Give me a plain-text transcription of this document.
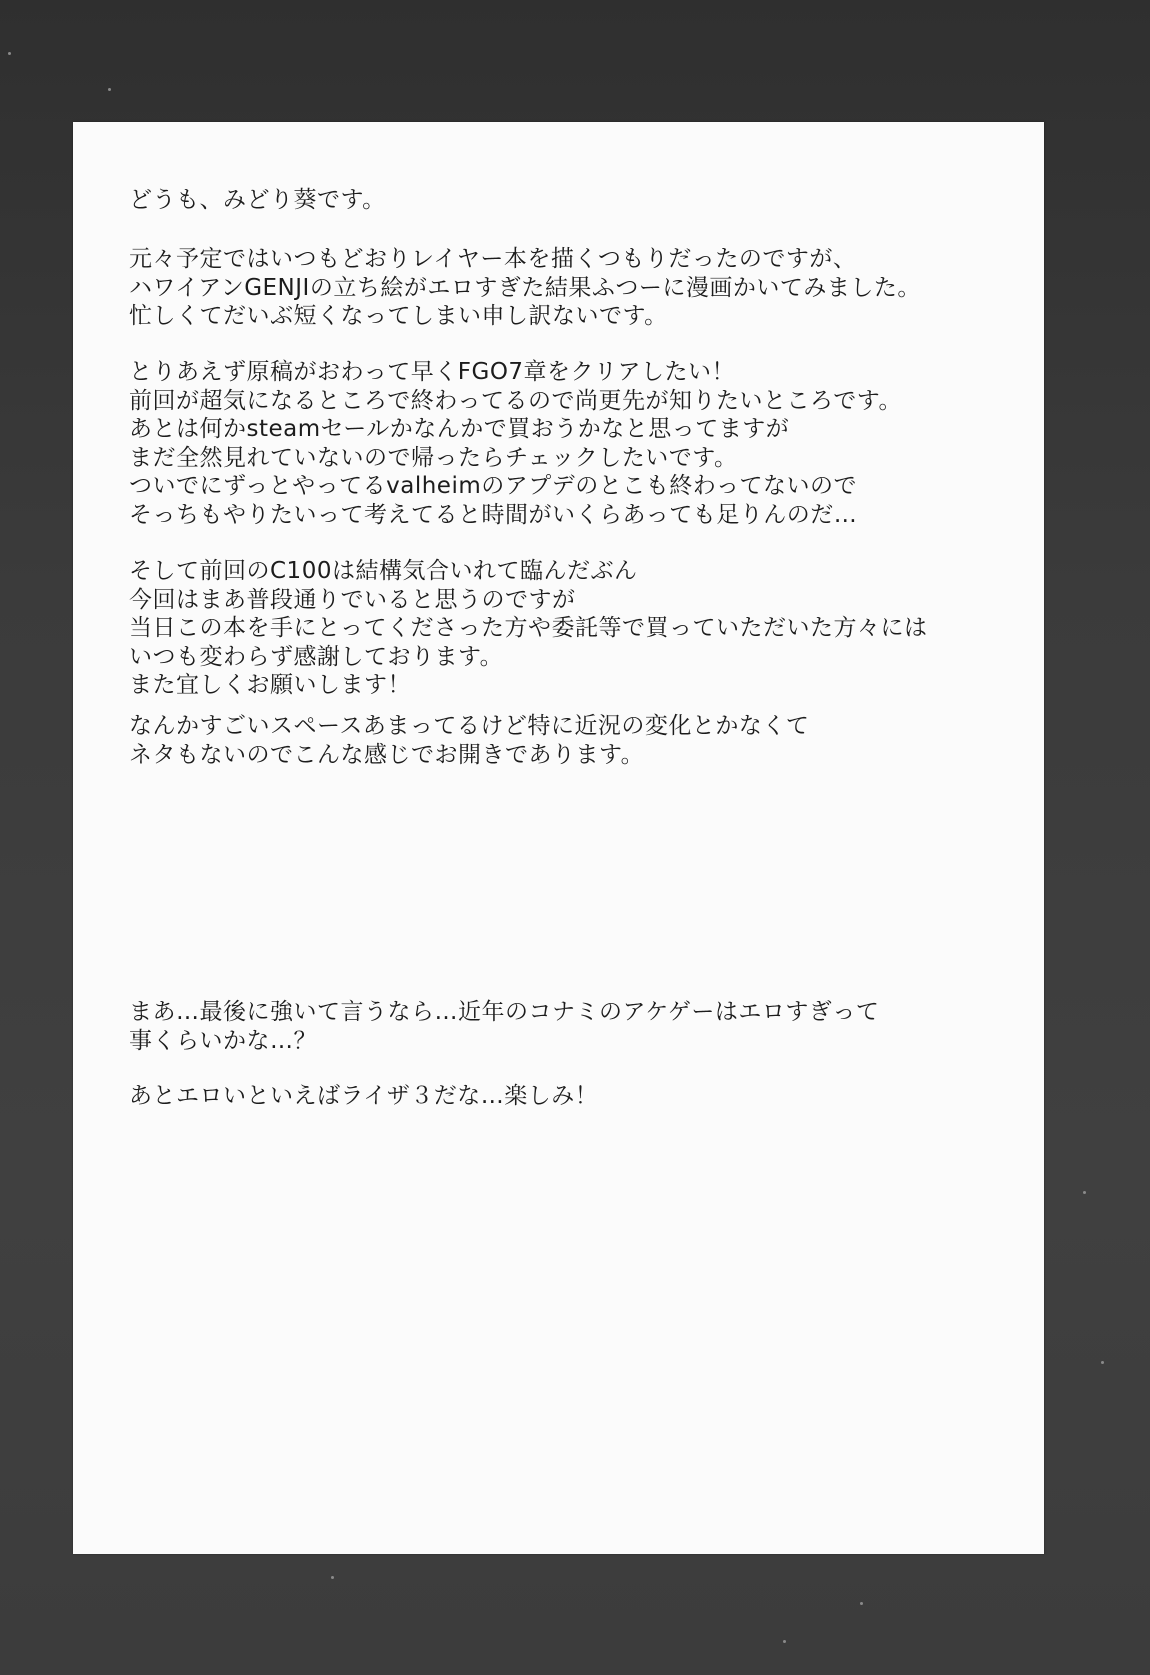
どうも、みどり葵です。
元々予定ではいつもどおりレイヤー本を描くつもりだったのですが、
ハワイアンGENJIの立ち絵がエロすぎた結果ふつーに漫画かいてみました。
忙しくてだいぶ短くなってしまい申し訳ないです。
とりあえず原稿がおわって早くFGO7章をクリアしたい！
前回が超気になるところで終わってるので尚更先が知りたいところです。
あとは何かsteamセールかなんかで買おうかなと思ってますが
まだ全然見れていないので帰ったらチェックしたいです。
ついでにずっとやってるvalheimのアプデのとこも終わってないので
そっちもやりたいって考えてると時間がいくらあっても足りんのだ…
そして前回のC100は結構気合いれて臨んだぶん
今回はまあ普段通りでいると思うのですが
当日この本を手にとってくださった方や委託等で買っていただいた方々には
いつも変わらず感謝しております。
また宜しくお願いします！
なんかすごいスペースあまってるけど特に近況の変化とかなくて
ネタもないのでこんな感じでお開きであります。
まあ…最後に強いて言うなら…近年のコナミのアケゲーはエロすぎって
事くらいかな…？
あとエロいといえばライザ３だな…楽しみ！
